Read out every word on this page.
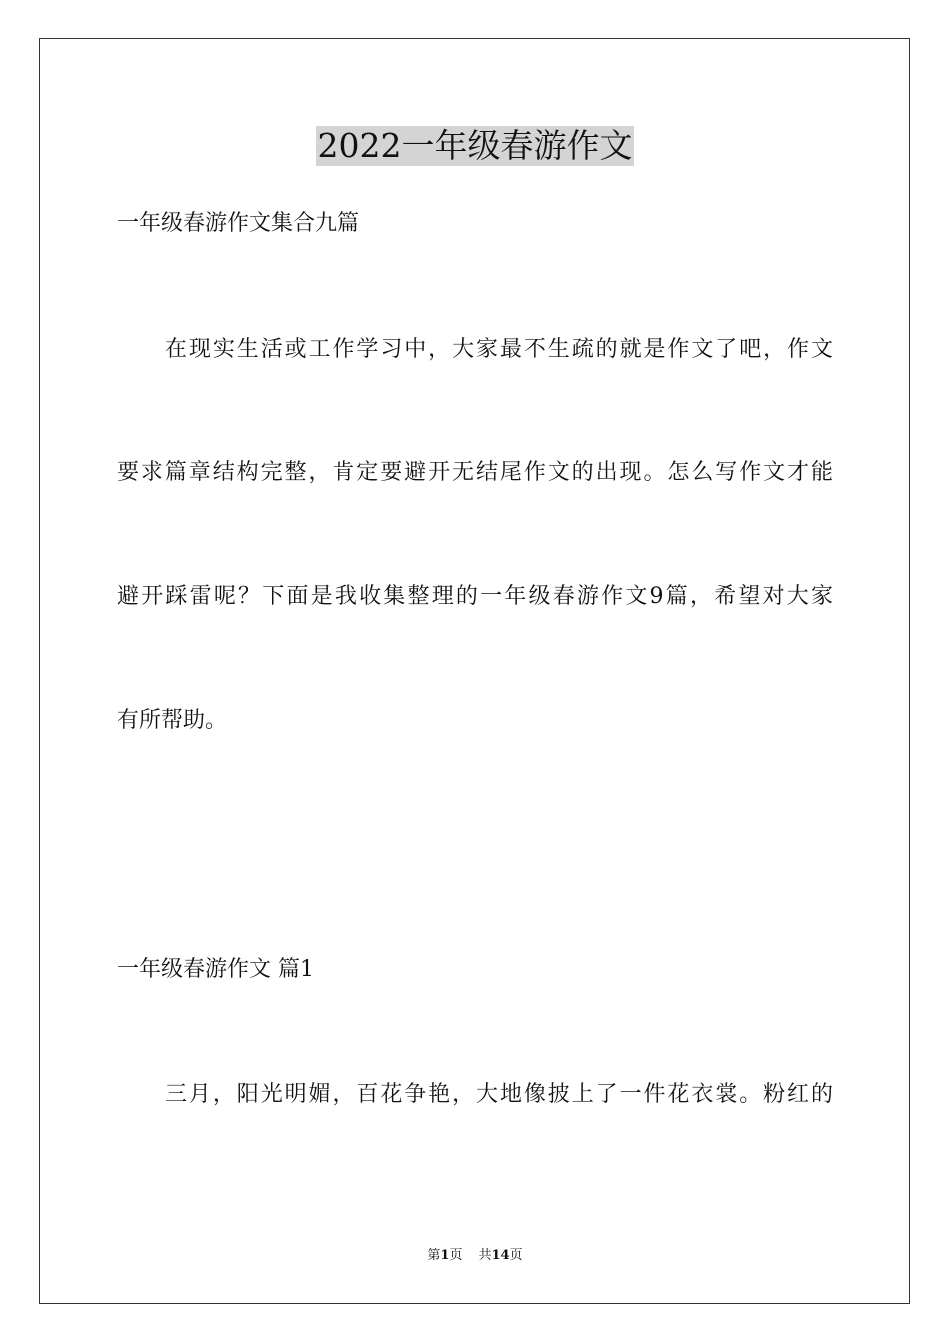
2022一年级春游作文
一年级春游作文集合九篇
在现实生活或工作学习中，大家最不生疏的就是作文了吧，作文
要求篇章结构完整，肯定要避开无结尾作文的出现。怎么写作文才能
避开踩雷呢？下面是我收集整理的一年级春游作文9篇，希望对大家
有所帮助。
一年级春游作文 篇1
三月，阳光明媚，百花争艳，大地像披上了一件花衣裳。粉红的
第1页 共14页
